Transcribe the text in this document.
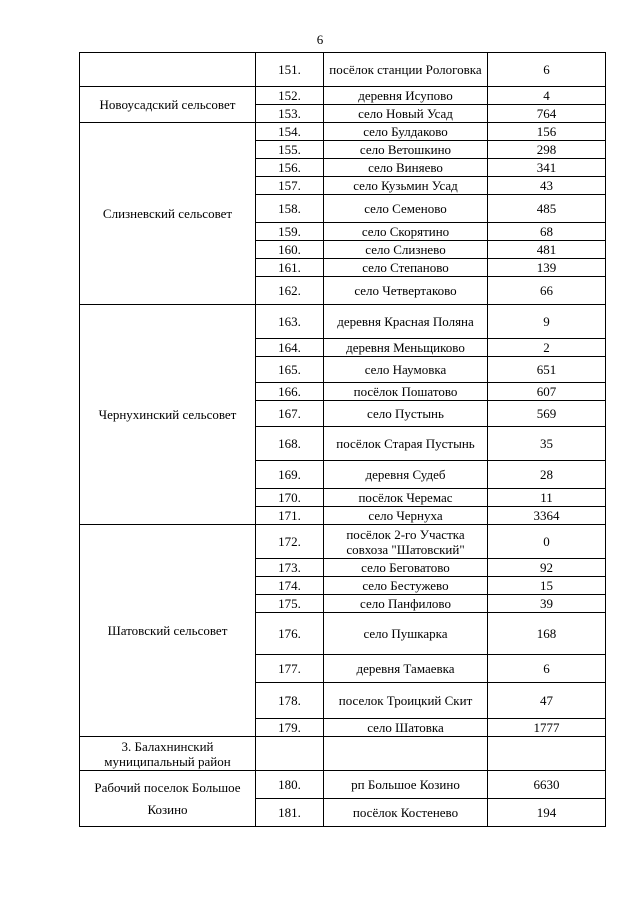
6
	151.	посёлок станции Pологовка	6
Новоусадский сельсовет	152.	деревня Исупово	4
	153.	село Новый Усад	764
Слизневский сельсовет	154.	село Булдаково	156
	155.	село Ветошкино	298
	156.	село Виняево	341
	157.	село Кузьмин Усад	43
	158.	село Семеново	485
	159.	село Скорятино	68
	160.	село Слизнево	481
	161.	село Степаново	139
	162.	село Четвертаково	66
Чернухинский сельсовет	163.	деревня Красная Поляна	9
	164.	деревня Меньщиково	2
	165.	село Наумовка	651
	166.	посёлок Пошатово	607
	167.	село Пустынь	569
	168.	посёлок Старая Пустынь	35
	169.	деревня Судеб	28
	170.	посёлок Черемас	11
	171.	село Чернуха	3364
Шатовский сельсовет	172.	посёлок 2-го Участка совхоза "Шатовский"	0
	173.	село Беговатово	92
	174.	село Бестужево	15
	175.	село Панфилово	39
	176.	село Пушкарка	168
	177.	деревня Тамаевка	6
	178.	поселок Троицкий Скит	47
	179.	село Шатовка	1777
3. Балахнинский муниципальный район			
Рабочий поселок Большое Козино	180.	рп Большое Козино	6630
	181.	посёлок Костенево	194
